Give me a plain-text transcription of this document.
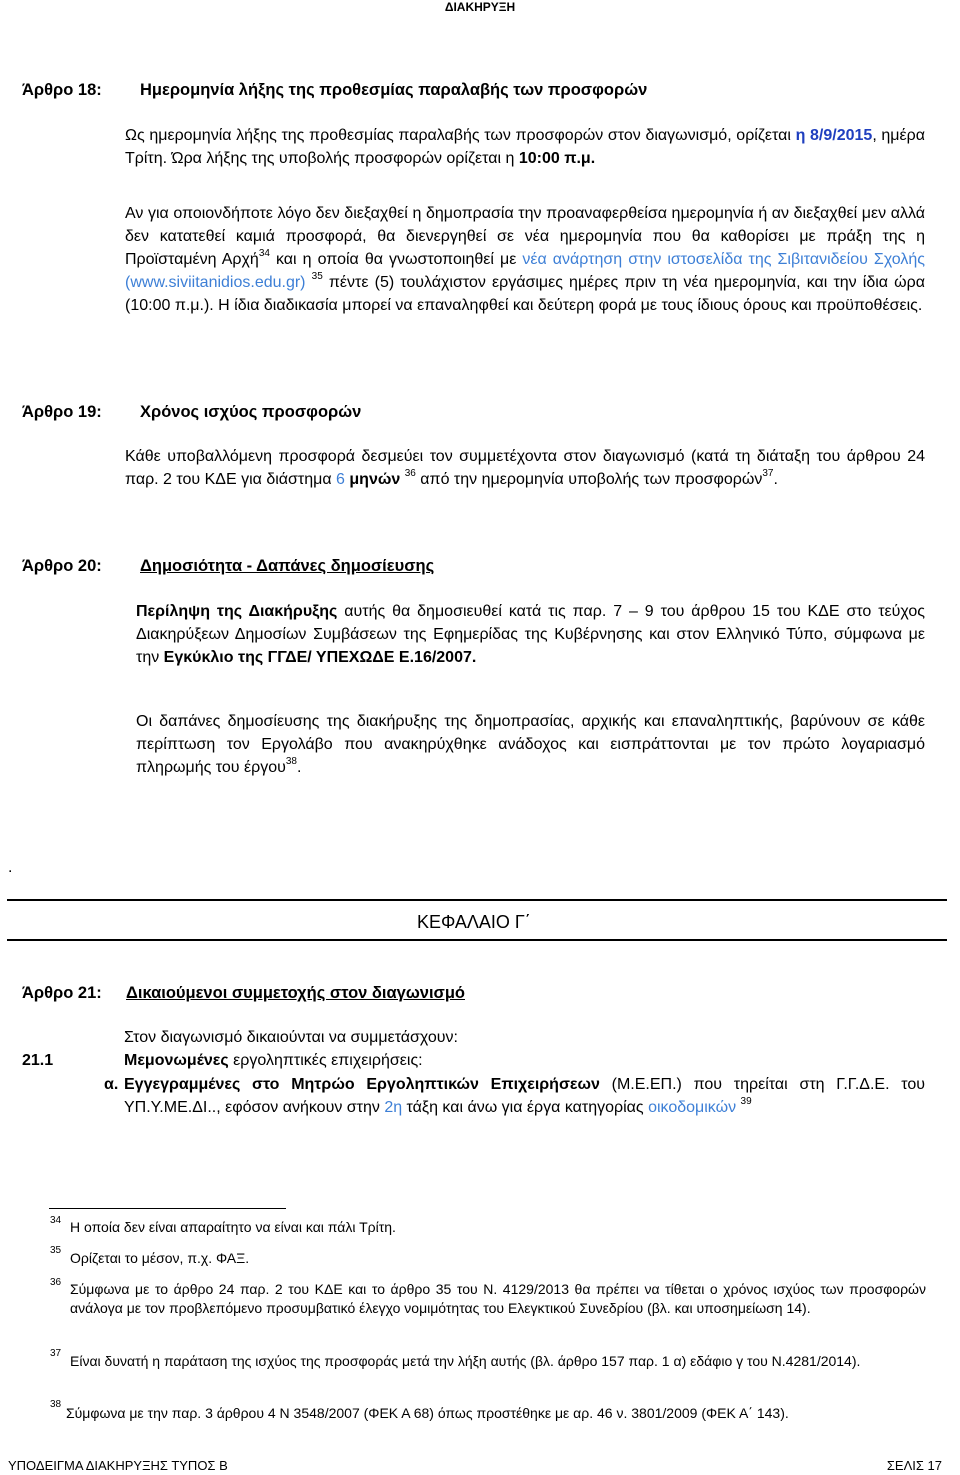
ΔΙΑΚΗΡΥΞΗ
Άρθρο 18: Ημερομηνία λήξης της προθεσμίας παραλαβής των προσφορών

Ως ημερομηνία λήξης της προθεσμίας παραλαβής των προσφορών στον διαγωνισμό, ορίζεται η 8/9/2015, ημέρα Τρίτη. Ώρα λήξης της υποβολής προσφορών ορίζεται η 10:00 π.μ.

Αν για οποιονδήποτε λόγο δεν διεξαχθεί η δημοπρασία την προαναφερθείσα ημερομηνία ή αν διεξαχθεί μεν αλλά δεν κατατεθεί καμιά προσφορά, θα διενεργηθεί σε νέα ημερομηνία που θα καθορίσει με πράξη της η Προϊσταμένη Αρχή$^{34}$ και η οποία θα γνωστοποιηθεί με νέα ανάρτηση στην ιστοσελίδα της Σιβιτανιδείου Σχολής (www.siviitanidios.edu.gr) $^{35}$ πέντε (5) τουλάχιστον εργάσιμες ημέρες πριν τη νέα ημερομηνία, και την ίδια ώρα (10:00 π.μ.). Η ίδια διαδικασία μπορεί να επαναληφθεί και δεύτερη φορά με τους ίδιους όρους και προϋποθέσεις.

Άρθρο 19: Χρόνος ισχύος προσφορών

Κάθε υποβαλλόμενη προσφορά δεσμεύει τον συμμετέχοντα στον διαγωνισμό (κατά τη διάταξη του άρθρου 24 παρ. 2 του ΚΔΕ για διάστημα 6 μηνών $^{36}$ από την ημερομηνία υποβολής των προσφορών$^{37}$.

Άρθρο 20: Δημοσιότητα - Δαπάνες δημοσίευσης

Περίληψη της Διακήρυξης αυτής θα δημοσιευθεί κατά τις παρ. 7 – 9 του άρθρου 15 του ΚΔΕ στο τεύχος Διακηρύξεων Δημοσίων Συμβάσεων της Εφημερίδας της Κυβέρνησης και στον Ελληνικό Τύπο, σύμφωνα με την Εγκύκλιο της ΓΓΔΕ/ ΥΠΕΧΩΔΕ Ε.16/2007.

Οι δαπάνες δημοσίευσης της διακήρυξης της δημοπρασίας, αρχικής και επαναληπτικής, βαρύνουν σε κάθε περίπτωση τον Εργολάβο που ανακηρύχθηκε ανάδοχος και εισπράττονται με τον πρώτο λογαριασμό πληρωμής του έργου$^{38}$.

.
ΚΕΦΑΛΑΙΟ Γ΄
Άρθρο 21: Δικαιούμενοι συμμετοχής στον διαγωνισμό
Στον διαγωνισμό δικαιούνται να συμμετάσχουν:
21.1	Μεμονωμένες εργοληπτικές επιχειρήσεις:
α. Εγγεγραμμένες στο Μητρώο Εργοληπτικών Επιχειρήσεων (Μ.Ε.ΕΠ.) που τηρείται στη Γ.Γ.Δ.Ε. του ΥΠ.Υ.ΜΕ.ΔΙ.., εφόσον ανήκουν στην 2η τάξη και άνω για έργα κατηγορίας οικοδομικών $^{39}$

34 Η οποία δεν είναι απαραίτητο να είναι και πάλι Τρίτη.
35 Ορίζεται το μέσον, π.χ. ΦΑΞ.
36 Σύμφωνα με το άρθρο 24 παρ. 2 του ΚΔΕ και το άρθρο 35 του Ν. 4129/2013 θα πρέπει να τίθεται ο χρόνος ισχύος των προσφορών ανάλογα με τον προβλεπόμενο προσυμβατικό έλεγχο νομιμότητας του Ελεγκτικού Συνεδρίου (βλ. και υποσημείωση 14).
37 Είναι δυνατή η παράταση της ισχύος της προσφοράς μετά την λήξη αυτής (βλ. άρθρο 157 παρ. 1 α) εδάφιο γ του Ν.4281/2014).
38
Σύμφωνα με την παρ. 3 άρθρου 4 Ν 3548/2007 (ΦΕΚ Α 68) όπως προστέθηκε με αρ. 46 ν. 3801/2009 (ΦΕΚ Α΄ 143).
ΥΠΟΔΕΙΓΜΑ ΔΙΑΚΗΡΥΞΗΣ ΤΥΠΟΣ Β	ΣΕΛΙΣ 17
